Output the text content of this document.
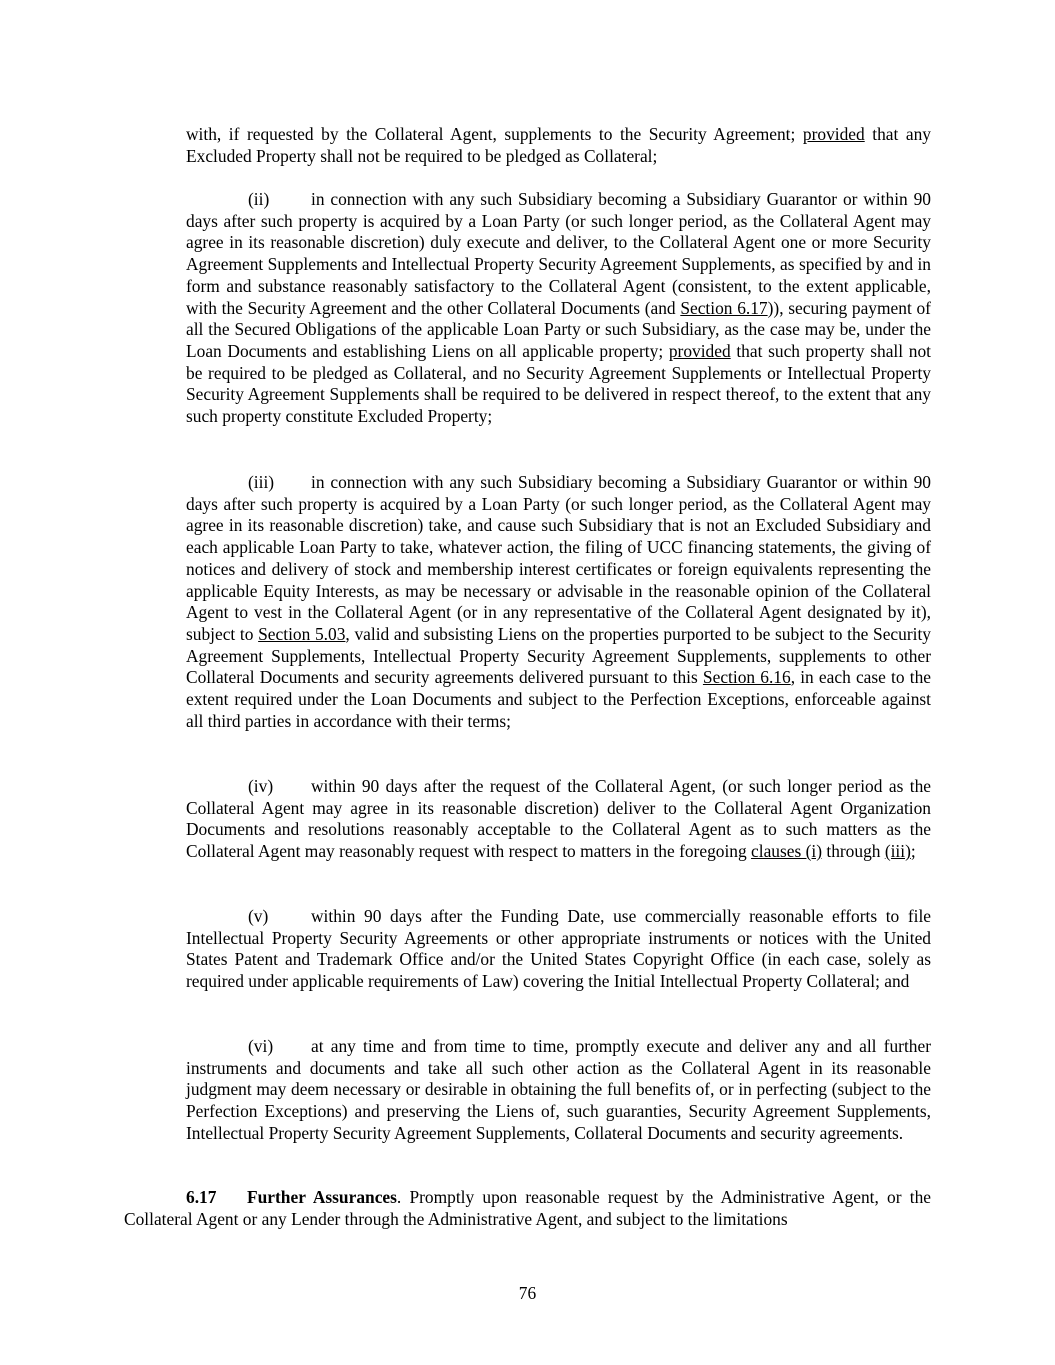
with, if requested by the Collateral Agent, supplements to the Security Agreement; provided that any Excluded Property shall not be required to be pledged as Collateral;

(ii) in connection with any such Subsidiary becoming a Subsidiary Guarantor or within 90 days after such property is acquired by a Loan Party (or such longer period, as the Collateral Agent may agree in its reasonable discretion) duly execute and deliver, to the Collateral Agent one or more Security Agreement Supplements and Intellectual Property Security Agreement Supplements, as specified by and in form and substance reasonably satisfactory to the Collateral Agent (consistent, to the extent applicable, with the Security Agreement and the other Collateral Documents (and Section 6.17)), securing payment of all the Secured Obligations of the applicable Loan Party or such Subsidiary, as the case may be, under the Loan Documents and establishing Liens on all applicable property; provided that such property shall not be required to be pledged as Collateral, and no Security Agreement Supplements or Intellectual Property Security Agreement Supplements shall be required to be delivered in respect thereof, to the extent that any such property constitute Excluded Property;

(iii) in connection with any such Subsidiary becoming a Subsidiary Guarantor or within 90 days after such property is acquired by a Loan Party (or such longer period, as the Collateral Agent may agree in its reasonable discretion) take, and cause such Subsidiary that is not an Excluded Subsidiary and each applicable Loan Party to take, whatever action, the filing of UCC financing statements, the giving of notices and delivery of stock and membership interest certificates or foreign equivalents representing the applicable Equity Interests, as may be necessary or advisable in the reasonable opinion of the Collateral Agent to vest in the Collateral Agent (or in any representative of the Collateral Agent designated by it), subject to Section 5.03, valid and subsisting Liens on the properties purported to be subject to the Security Agreement Supplements, Intellectual Property Security Agreement Supplements, supplements to other Collateral Documents and security agreements delivered pursuant to this Section 6.16, in each case to the extent required under the Loan Documents and subject to the Perfection Exceptions, enforceable against all third parties in accordance with their terms;

(iv) within 90 days after the request of the Collateral Agent, (or such longer period as the Collateral Agent may agree in its reasonable discretion) deliver to the Collateral Agent Organization Documents and resolutions reasonably acceptable to the Collateral Agent as to such matters as the Collateral Agent may reasonably request with respect to matters in the foregoing clauses (i) through (iii);

(v) within 90 days after the Funding Date, use commercially reasonable efforts to file Intellectual Property Security Agreements or other appropriate instruments or notices with the United States Patent and Trademark Office and/or the United States Copyright Office (in each case, solely as required under applicable requirements of Law) covering the Initial Intellectual Property Collateral; and

(vi) at any time and from time to time, promptly execute and deliver any and all further instruments and documents and take all such other action as the Collateral Agent in its reasonable judgment may deem necessary or desirable in obtaining the full benefits of, or in perfecting (subject to the Perfection Exceptions) and preserving the Liens of, such guaranties, Security Agreement Supplements, Intellectual Property Security Agreement Supplements, Collateral Documents and security agreements.

6.17 Further Assurances. Promptly upon reasonable request by the Administrative Agent, or the Collateral Agent or any Lender through the Administrative Agent, and subject to the limitations

76
